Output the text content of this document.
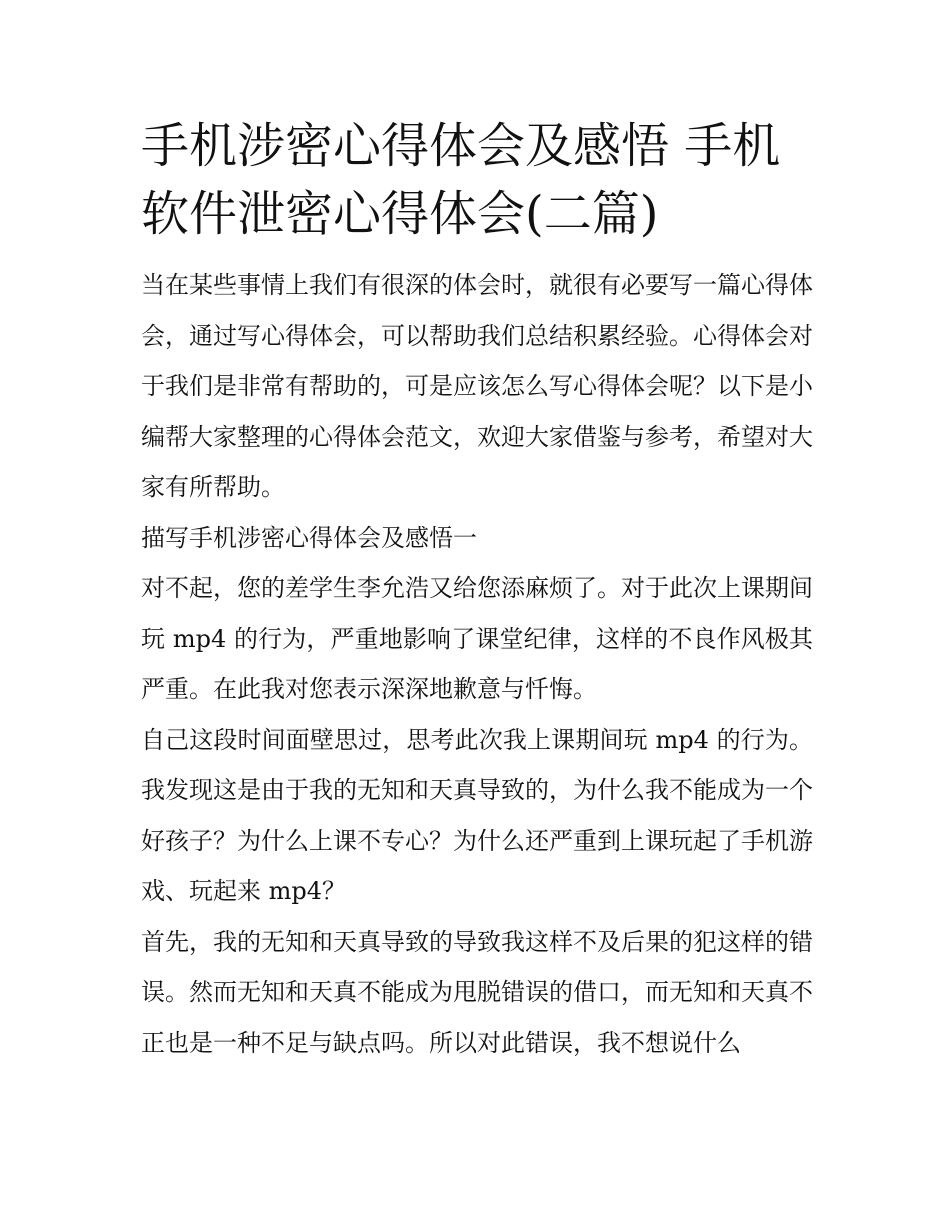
手机涉密心得体会及感悟 手机软件泄密心得体会(二篇)

当在某些事情上我们有很深的体会时，就很有必要写一篇心得体会，通过写心得体会，可以帮助我们总结积累经验。心得体会对于我们是非常有帮助的，可是应该怎么写心得体会呢？以下是小编帮大家整理的心得体会范文，欢迎大家借鉴与参考，希望对大家有所帮助。

描写手机涉密心得体会及感悟一

对不起，您的差学生李允浩又给您添麻烦了。对于此次上课期间玩 mp4 的行为，严重地影响了课堂纪律，这样的不良作风极其严重。在此我对您表示深深地歉意与忏悔。

自己这段时间面壁思过，思考此次我上课期间玩 mp4 的行为。我发现这是由于我的无知和天真导致的，为什么我不能成为一个好孩子？为什么上课不专心？为什么还严重到上课玩起了手机游戏、玩起来 mp4？

首先，我的无知和天真导致的导致我这样不及后果的犯这样的错误。然而无知和天真不能成为甩脱错误的借口，而无知和天真不正也是一种不足与缺点吗。所以对此错误，我不想说什么
